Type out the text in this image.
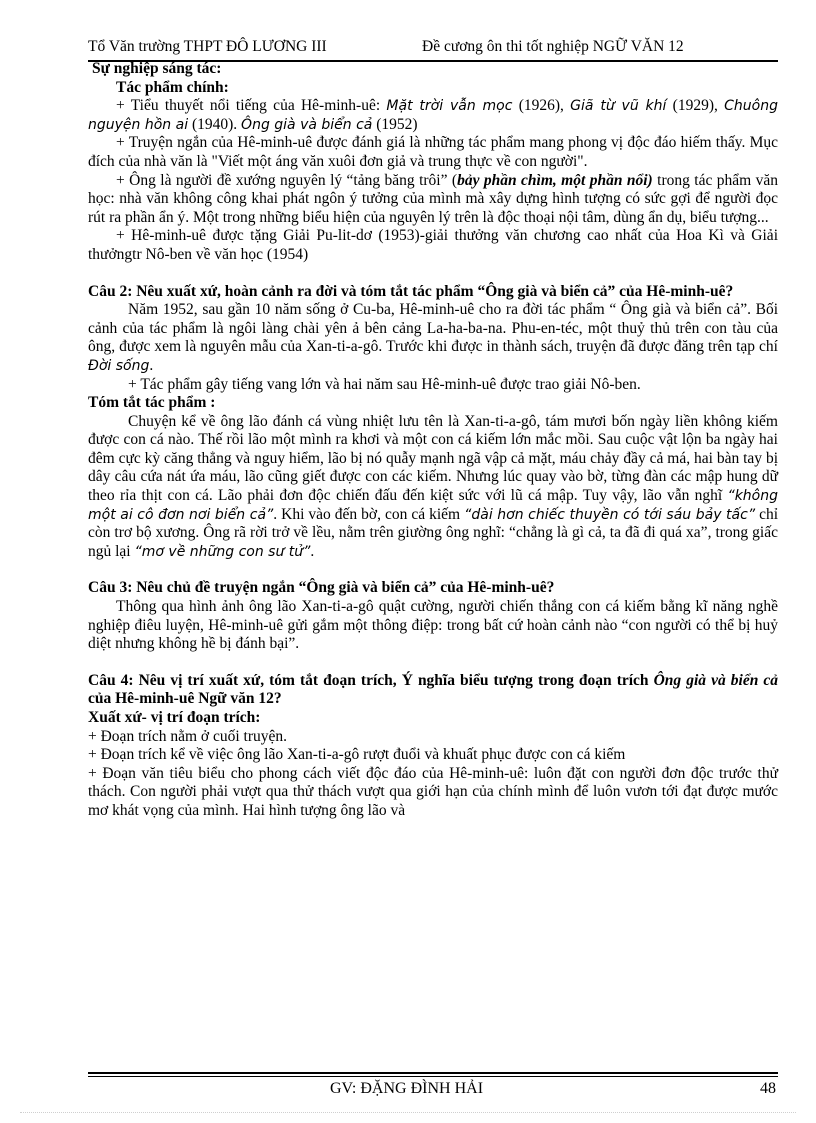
Tổ Văn trường THPT ĐÔ LƯƠNG III	Đề cương ôn thi tốt nghiệp NGỮ VĂN 12

Sự nghiệp sáng tác:

Tác phẩm chính:

+ Tiểu thuyết nổi tiếng của Hê-minh-uê: Mặt trời vẫn mọc (1926), Giã từ vũ khí (1929), Chuông nguyện hồn ai (1940). Ông già và biển cả (1952)

+ Truyện ngắn của Hê-minh-uê được đánh giá là những tác phẩm mang phong vị độc đáo hiếm thấy. Mục đích của nhà văn là "Viết một áng văn xuôi đơn giả và trung thực về con người".

+ Ông là người đề xướng nguyên lý “tảng băng trôi” (bảy phần chìm, một phần nổi) trong tác phẩm văn học: nhà văn không công khai phát ngôn ý tưởng của mình mà xây dựng hình tượng có sức gợi để người đọc rút ra phần ẩn ý. Một trong những biểu hiện của nguyên lý trên là độc thoại nội tâm, dùng ẩn dụ, biểu tượng...

+ Hê-minh-uê được tặng Giải Pu-lit-dơ (1953)-giải thưởng văn chương cao nhất của Hoa Kì và Giải thưởngtr Nô-ben về văn học (1954)

Câu 2: Nêu xuất xứ, hoàn cảnh ra đời và tóm tắt tác phẩm “Ông già và biển cả” của Hê-minh-uê?

Năm 1952, sau gần 10 năm sống ở Cu-ba, Hê-minh-uê cho ra đời tác phẩm “ Ông già và biển cả”. Bối cảnh của tác phẩm là ngôi làng chài yên ả bên cảng La-ha-ba-na. Phu-en-téc, một thuỷ thủ trên con tàu của ông, được xem là nguyên mẫu của Xan-ti-a-gô. Trước khi được in thành sách, truyện đã được đăng trên tạp chí Đời sống.

+ Tác phẩm gây tiếng vang lớn và hai năm sau Hê-minh-uê được trao giải Nô-ben.

Tóm tắt tác phẩm :

Chuyện kể về ông lão đánh cá vùng nhiệt lưu tên là Xan-ti-a-gô, tám mươi bốn ngày liền không kiếm được con cá nào. Thế rồi lão một mình ra khơi và một con cá kiếm lớn mắc mồi. Sau cuộc vật lộn ba ngày hai đêm cực kỳ căng thẳng và nguy hiểm, lão bị nó quẫy mạnh ngã vập cả mặt, máu chảy đầy cả má, hai bàn tay bị dây câu cứa nát ứa máu, lão cũng giết được con các kiếm. Nhưng lúc quay vào bờ, từng đàn các mập hung dữ theo rỉa thịt con cá. Lão phải đơn độc chiến đấu đến kiệt sức với lũ cá mập. Tuy vậy, lão vẫn nghĩ “không một ai cô đơn nơi biển cả”. Khi vào đến bờ, con cá kiếm “dài hơn chiếc thuyền có tới sáu bảy tấc” chỉ còn trơ bộ xương. Ông rã rời trở về lều, nằm trên giường ông nghĩ: “chẳng là gì cả, ta đã đi quá xa”, trong giấc ngủ lại “mơ về những con sư tử”.

Câu 3: Nêu chủ đề truyện ngắn “Ông già và biển cả” của Hê-minh-uê?

Thông qua hình ảnh ông lão Xan-ti-a-gô quật cường, người chiến thắng con cá kiếm bằng kĩ năng nghề nghiệp điêu luyện, Hê-minh-uê gửi gắm một thông điệp: trong bất cứ hoàn cảnh nào “con người có thể bị huỷ diệt nhưng không hề bị đánh bại”.

Câu 4: Nêu vị trí xuất xứ, tóm tắt đoạn trích, Ý nghĩa biểu tượng trong đoạn trích Ông già và biển cả của Hê-minh-uê Ngữ văn 12?

Xuất xứ- vị trí đoạn trích:

+ Đoạn trích nằm ở cuối truyện.

+ Đoạn trích kể về việc ông lão Xan-ti-a-gô rượt đuổi và khuất phục được con cá kiếm

+ Đoạn văn tiêu biểu cho phong cách viết độc đáo của Hê-minh-uê: luôn đặt con người đơn độc trước thử thách. Con người phải vượt qua thử thách vượt qua giới hạn của chính mình để luôn vươn tới đạt được mước mơ khát vọng của mình. Hai hình tượng ông lão và

GV: ĐẶNG ĐÌNH HẢI	48
